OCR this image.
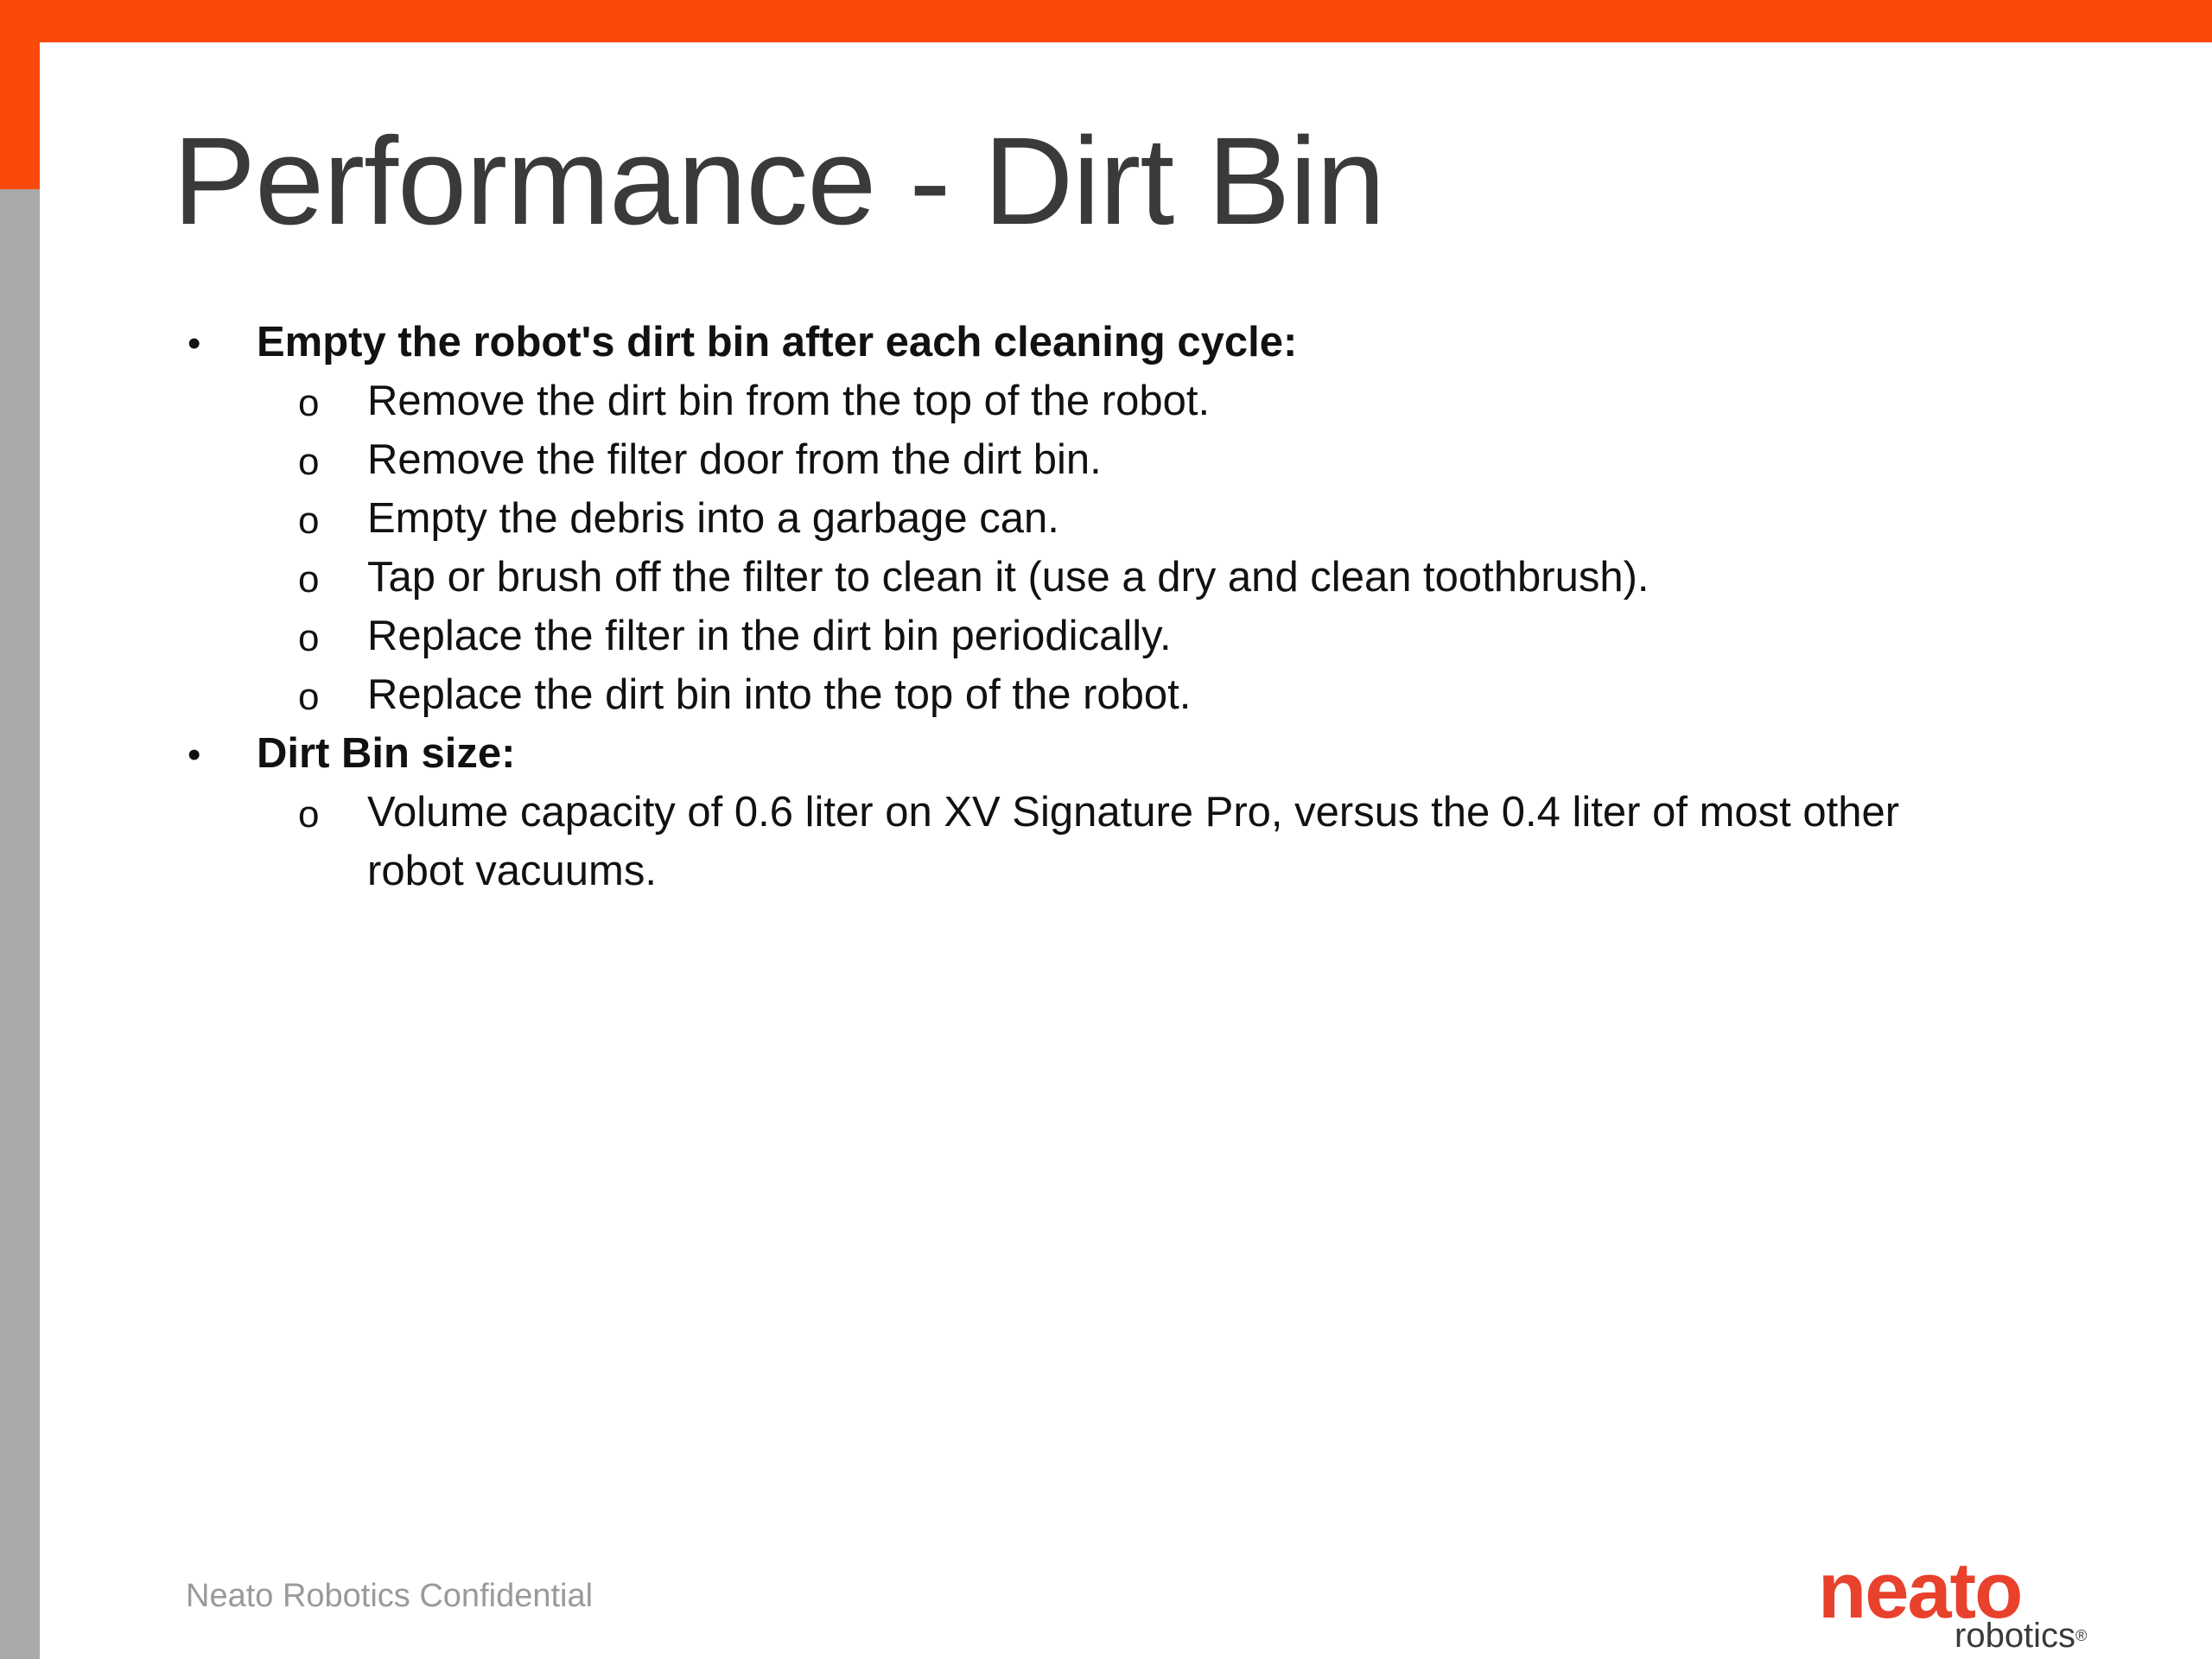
Performance - Dirt Bin
• Empty the robot's dirt bin after each cleaning cycle:
o Remove the dirt bin from the top of the robot.
o Remove the filter door from the dirt bin.
o Empty the debris into a garbage can.
o Tap or brush off the filter to clean it (use a dry and clean toothbrush).
o Replace the filter in the dirt bin periodically.
o Replace the dirt bin into the top of the robot.
• Dirt Bin size:
o Volume capacity of 0.6 liter on XV Signature Pro, versus the 0.4 liter of most other
robot vacuums.
Neato Robotics Confidential	neato
robotics®
